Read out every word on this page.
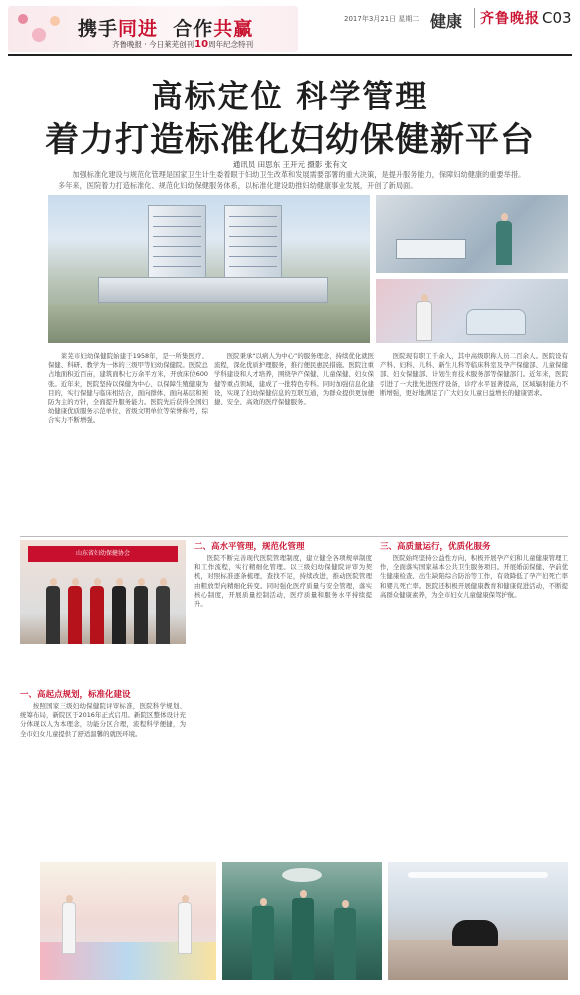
携手同进 合作共赢
齐鲁晚报 · 今日莱芜创刊10周年纪念特刊
2017年3月21日 星期二 健康	齐鲁晚报 C03
高标定位 科学管理
着力打造标准化妇幼保健新平台
通讯员 田思东 王开元 摄影 张有文
加强标准化建设与规范化管理是国家卫生计生委着眼于妇幼卫生改革和发展需要部署的重大决策，是提升服务能力，保障妇幼健康的重要举措。多年来，医院着力打造标准化、规范化妇幼保健服务体系，以标准化建设助推妇幼健康事业发展，开创了新局面。

莱芜市妇幼保健院始建于1958年，是一所集医疗、保健、科研、教学为一体的三级甲等妇幼保健院。医院总占地面积近百亩，建筑面积七万余平方米，开放床位600张。近年来，医院坚持以保健为中心、以保障生殖健康为目的，实行保健与临床相结合，面向群体、面向基层和预防为主的方针，全面提升服务能力。医院先后获得全国妇幼健康优质服务示范单位、省级文明单位等荣誉称号，综合实力不断增强。

医院秉承“以病人为中心”的服务理念，持续优化就医流程，深化优质护理服务，推行便民惠民措施。医院注重学科建设和人才培养，围绕孕产保健、儿童保健、妇女保健等重点领域，建成了一批特色专科。同时加强信息化建设，实现了妇幼保健信息的互联互通，为群众提供更加便捷、安全、高效的医疗保健服务。

医院现有职工千余人，其中高级职称人员二百余人。医院设有产科、妇科、儿科、新生儿科等临床科室及孕产保健部、儿童保健部、妇女保健部、计划生育技术服务部等保健部门。近年来，医院引进了一大批先进医疗设备，诊疗水平显著提高，区域辐射能力不断增强，更好地满足了广大妇女儿童日益增长的健康需求。

山东省妇幼保健协会

一、高起点规划，标准化建设

按照国家三级妇幼保健院评审标准，医院科学规划、统筹布局，新院区于2016年正式启用。新院区整体设计充分体现以人为本理念，功能分区合理，流程科学便捷，为全市妇女儿童提供了舒适温馨的就医环境。

二、高水平管理，规范化管理

医院不断完善现代医院管理制度，建立健全各项规章制度和工作流程，实行精细化管理。以三级妇幼保健院评审为契机，对照标准逐条梳理，查找不足，持续改进，推动医院管理由粗放型向精细化转变。同时强化医疗质量与安全管理，落实核心制度，开展质量控制活动，医疗质量和服务水平持续提升。

三、高质量运行，优质化服务

医院始终坚持公益性方向，积极开展孕产妇和儿童健康管理工作，全面落实国家基本公共卫生服务项目。开展婚前保健、孕前优生健康检查、出生缺陷综合防治等工作，有效降低了孕产妇死亡率和婴儿死亡率。医院还积极开展健康教育和健康促进活动，不断提高群众健康素养，为全市妇女儿童健康保驾护航。
